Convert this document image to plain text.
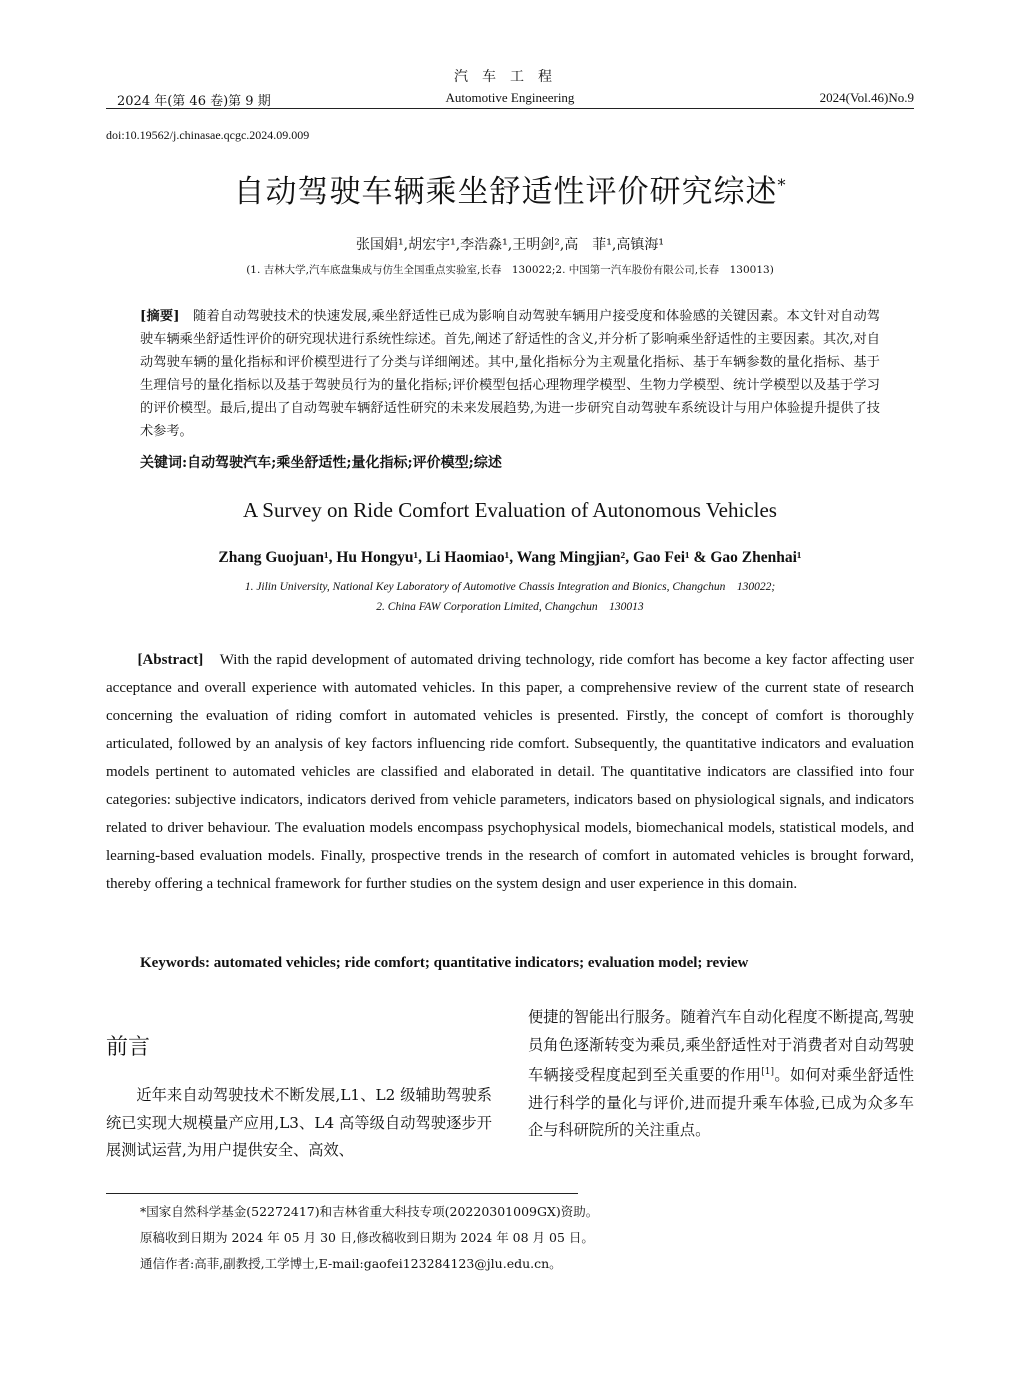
汽车工程
2024 年(第 46 卷)第 9 期	Automotive Engineering	2024(Vol.46)No.9
doi:10.19562/j.chinasae.qcgc.2024.09.009
自动驾驶车辆乘坐舒适性评价研究综述*
张国娟¹,胡宏宇¹,李浩淼¹,王明剑²,高　菲¹,高镇海¹
(1. 吉林大学,汽车底盘集成与仿生全国重点实验室,长春　130022;2. 中国第一汽车股份有限公司,长春　130013)
[摘要]　 随着自动驾驶技术的快速发展,乘坐舒适性已成为影响自动驾驶车辆用户接受度和体验感的关键因素。本文针对自动驾驶车辆乘坐舒适性评价的研究现状进行系统性综述。首先,阐述了舒适性的含义,并分析了影响乘坐舒适性的主要因素。其次,对自动驾驶车辆的量化指标和评价模型进行了分类与详细阐述。其中,量化指标分为主观量化指标、基于车辆参数的量化指标、基于生理信号的量化指标以及基于驾驶员行为的量化指标;评价模型包括心理物理学模型、生物力学模型、统计学模型以及基于学习的评价模型。最后,提出了自动驾驶车辆舒适性研究的未来发展趋势,为进一步研究自动驾驶车系统设计与用户体验提升提供了技术参考。
关键词:自动驾驶汽车;乘坐舒适性;量化指标;评价模型;综述
A Survey on Ride Comfort Evaluation of Autonomous Vehicles
Zhang Guojuan¹, Hu Hongyu¹, Li Haomiao¹, Wang Mingjian², Gao Fei¹ & Gao Zhenhai¹
1. Jilin University, National Key Laboratory of Automotive Chassis Integration and Bionics, Changchun　130022;
2. China FAW Corporation Limited, Changchun　130013
　　[Abstract]　 With the rapid development of automated driving technology, ride comfort has become a key factor affecting user acceptance and overall experience with automated vehicles. In this paper, a comprehensive review of the current state of research concerning the evaluation of riding comfort in automated vehicles is presented. Firstly, the concept of comfort is thoroughly articulated, followed by an analysis of key factors influencing ride comfort. Subsequently, the quantitative indicators and evaluation models pertinent to automated vehicles are classified and elaborated in detail. The quantitative indicators are classified into four categories: subjective indicators, indicators derived from vehicle parameters, indicators based on physiological signals, and indicators related to driver behaviour. The evaluation models encompass psychophysical models, biomechanical models, statistical models, and learning-based evaluation models. Finally, prospective trends in the research of comfort in automated vehicles is brought forward, thereby offering a technical framework for further studies on the system design and user experience in this domain.
Keywords: automated vehicles; ride comfort; quantitative indicators; evaluation model; review
前言
近年来自动驾驶技术不断发展,L1、L2 级辅助驾驶系统已实现大规模量产应用,L3、L4 高等级自动驾驶逐步开展测试运营,为用户提供安全、高效、
便捷的智能出行服务。随着汽车自动化程度不断提高,驾驶员角色逐渐转变为乘员,乘坐舒适性对于消费者对自动驾驶车辆接受程度起到至关重要的作用[1]。如何对乘坐舒适性进行科学的量化与评价,进而提升乘车体验,已成为众多车企与科研院所的关注重点。
*国家自然科学基金(52272417)和吉林省重大科技专项(20220301009GX)资助。
原稿收到日期为 2024 年 05 月 30 日,修改稿收到日期为 2024 年 08 月 05 日。
通信作者:高菲,副教授,工学博士,E-mail:gaofei123284123@jlu.edu.cn。
